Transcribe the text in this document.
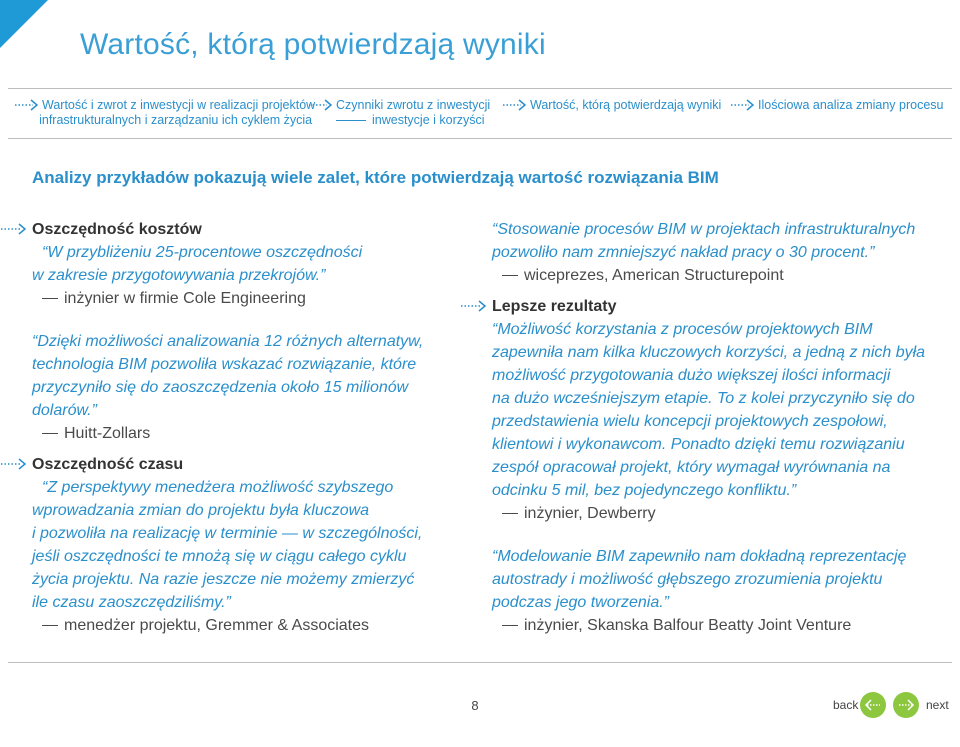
Wartość, którą potwierdzają wyniki
Wartość i zwrot z inwestycji w realizacji projektów
infrastrukturalnych i zarządzaniu ich cyklem życia
Czynniki zwrotu z inwestycji
inwestycje i korzyści
Wartość, którą potwierdzają wyniki	Ilościowa analiza zmiany procesu
Analizy przykładów pokazują wiele zalet, które potwierdzają wartość rozwiązania BIM
Oszczędność kosztów
“W przybliżeniu 25-procentowe oszczędności
w zakresie przygotowywania przekrojów.”
inżynier w firmie Cole Engineering
“Dzięki możliwości analizowania 12 różnych alternatyw,
technologia BIM pozwoliła wskazać rozwiązanie, które
przyczyniło się do zaoszczędzenia około 15 milionów
dolarów.”
Huitt-Zollars
Oszczędność czasu
“Z perspektywy menedżera możliwość szybszego
wprowadzania zmian do projektu była kluczowa
i pozwoliła na realizację w terminie — w szczególności,
jeśli oszczędności te mnożą się w ciągu całego cyklu
życia projektu. Na razie jeszcze nie możemy zmierzyć
ile czasu zaoszczędziliśmy.”
menedżer projektu, Gremmer & Associates
“Stosowanie procesów BIM w projektach infrastrukturalnych
pozwoliło nam zmniejszyć nakład pracy o 30 procent.”
wiceprezes, American Structurepoint
Lepsze rezultaty
“Możliwość korzystania z procesów projektowych BIM
zapewniła nam kilka kluczowych korzyści, a jedną z nich była
możliwość przygotowania dużo większej ilości informacji
na dużo wcześniejszym etapie. To z kolei przyczyniło się do
przedstawienia wielu koncepcji projektowych zespołowi,
klientowi i wykonawcom. Ponadto dzięki temu rozwiązaniu
zespół opracował projekt, który wymagał wyrównania na
odcinku 5 mil, bez pojedynczego konfliktu.”
inżynier, Dewberry
“Modelowanie BIM zapewniło nam dokładną reprezentację
autostrady i możliwość głębszego zrozumienia projektu
podczas jego tworzenia.”
inżynier, Skanska Balfour Beatty Joint Venture
8	back	next
